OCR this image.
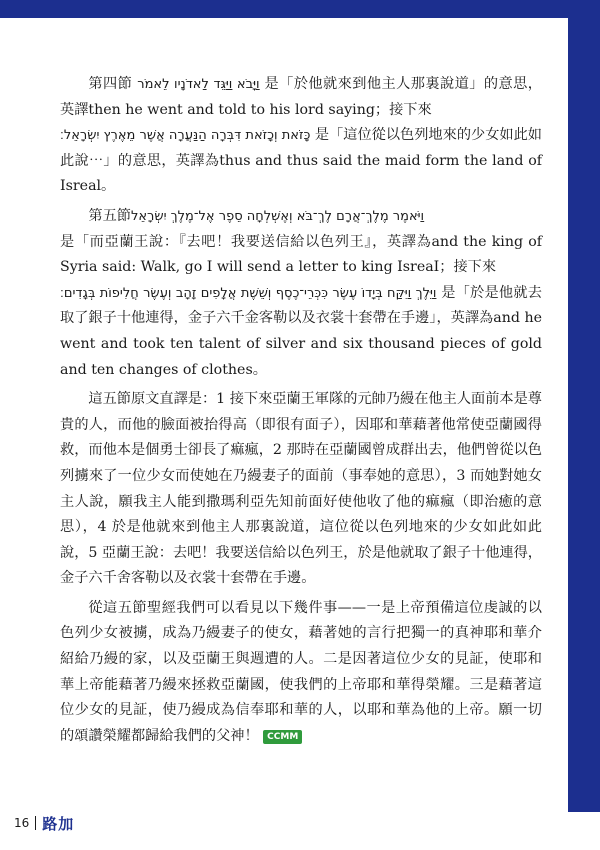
第四節 וַיָּבֹא וַיַּגֵּד לַאדֹנָיו לֵאמֹר 是「於他就來到他主人那裏說道」的意思，英譯then he went and told to his lord saying；接下來
כָּזֹאת וְכָזֹאת דִּבְּרָה הַנַּעֲרָה אֲשֶׁר מֵאֶרֶץ יִשְׂרָאֵל׃ 是「這位從以色列地來的少女如此如此說⋯」的意思，英譯為thus and thus said the maid form the land of Isreal。

第五節וַיֹּאמֶר מֶלֶךְ־אֲרָם לֶךְ־בֹּא וְאֶשְׁלְחָה סֵפֶר אֶל־מֶלֶךְ יִשְׂרָאֵל
是「而亞蘭王說：『去吧！我要送信給以色列王』，英譯為and the king of Syria said: Walk, go I will send a letter to king IsreaI；接下來
וַיֵּלֶךְ וַיִּקַּח בְּיָדוֹ עֶשֶׂר כִּכְּרֵי־כֶסֶף וְשֵׁשֶׁת אֲלָפִים זָהָב וְעֶשֶׂר חֲלִיפוֹת בְּגָדִים׃ 是「於是他就去取了銀子十他連得，金子六千金客勒以及衣裳十套帶在手邊」，英譯為and he went and took ten talent of silver and six thousand pieces of gold and ten changes of clothes。

這五節原文直譯是：1 接下來亞蘭王軍隊的元帥乃縵在他主人面前本是尊貴的人，而他的臉面被抬得高（即很有面子），因耶和華藉著他常使亞蘭國得救，而他本是個勇士卻長了痲瘋，2 那時在亞蘭國曾成群出去，他們曾從以色列擄來了一位少女而使她在乃縵妻子的面前（事奉她的意思），3 而她對她女主人說，願我主人能到撒瑪利亞先知前面好使他收了他的痲瘋（即治癒的意思），4 於是他就來到他主人那裏說道，這位從以色列地來的少女如此如此說，5 亞蘭王說：去吧！我要送信給以色列王，於是他就取了銀子十他連得，金子六千舍客勒以及衣裳十套帶在手邊。

從這五節聖經我們可以看見以下幾件事——一是上帝預備這位虔誠的以色列少女被擄，成為乃縵妻子的使女，藉著她的言行把獨一的真神耶和華介紹給乃縵的家，以及亞蘭王與週遭的人。二是因著這位少女的見証，使耶和華上帝能藉著乃縵來拯救亞蘭國，使我們的上帝耶和華得榮耀。三是藉著這位少女的見証，使乃縵成為信奉耶和華的人，以耶和華為他的上帝。願一切的頌讚榮耀都歸給我們的父神！ CCMM

16 路加
